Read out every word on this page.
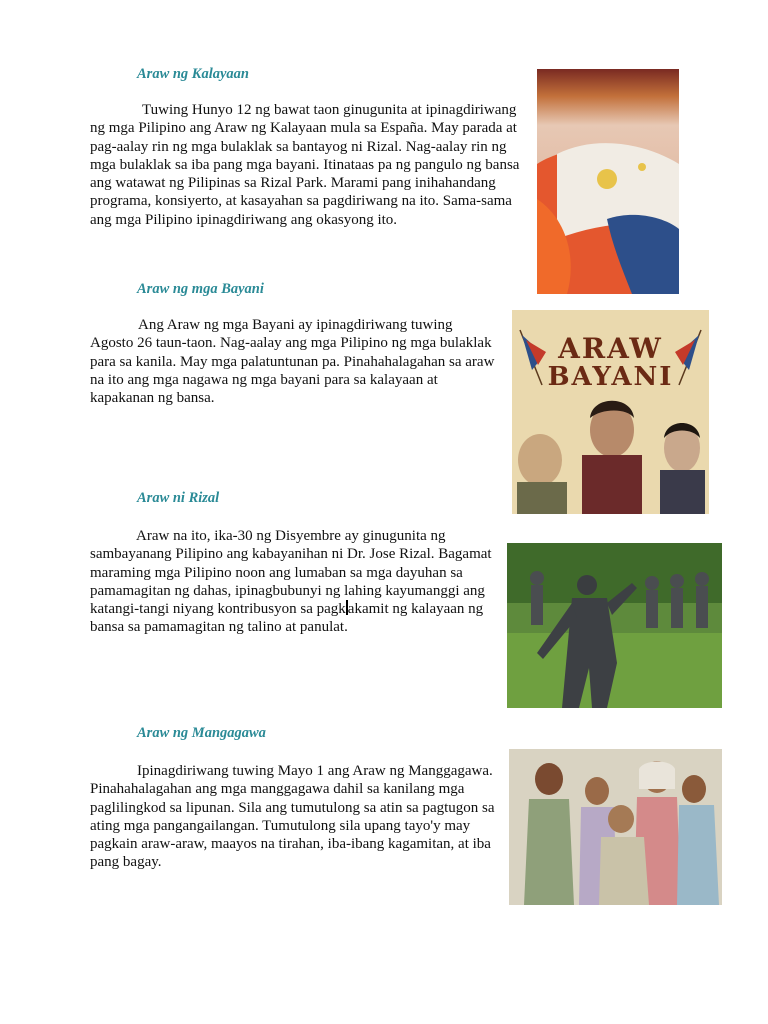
Araw ng Kalayaan

Tuwing Hunyo 12 ng bawat taon ginugunita at ipinagdiriwang
ng mga Pilipino ang Araw ng Kalayaan mula sa España. May parada at
pag-aalay rin ng mga bulaklak sa bantayog ni Rizal. Nag-aalay rin ng
mga bulaklak sa iba pang mga bayani. Itinataas pa ng pangulo ng bansa
ang watawat ng Pilipinas sa Rizal Park. Marami pang inihahandang
programa, konsiyerto, at kasayahan sa pagdiriwang na ito. Sama-sama
ang mga Pilipino ipinagdiriwang ang okasyong ito.

Araw ng mga Bayani

Ang Araw ng mga Bayani ay ipinagdiriwang tuwing
Agosto 26 taun-taon. Nag-aalay ang mga Pilipino ng mga bulaklak
para sa kanila. May mga palatuntunan pa. Pinahahalagahan sa araw
na ito ang mga nagawa ng mga bayani para sa kalayaan at
kapakanan ng bansa.

ARAW
BAYANI
Araw ni Rizal

Araw na ito, ika-30 ng Disyembre ay ginugunita ng
sambayanang Pilipino ang kabayanihan ni Dr. Jose Rizal. Bagamat
maraming mga Pilipino noon ang lumaban sa mga dayuhan sa
pamamagitan ng dahas, ipinagbubunyi ng lahing kayumanggi ang
katangi-tangi niyang kontribusyon sa pagk akamit ng kalayaan ng
bansa sa pamamagitan ng talino at panulat.

Araw ng Mangagawa

Ipinagdiriwang tuwing Mayo 1 ang Araw ng Manggagawa.
Pinahahalagahan ang mga manggagawa dahil sa kanilang mga
paglilingkod sa lipunan. Sila ang tumutulong sa atin sa pagtugon sa
ating mga pangangailangan. Tumutulong sila upang tayo'y may
pagkain araw-araw, maayos na tirahan, iba-ibang kagamitan, at iba
pang bagay.
